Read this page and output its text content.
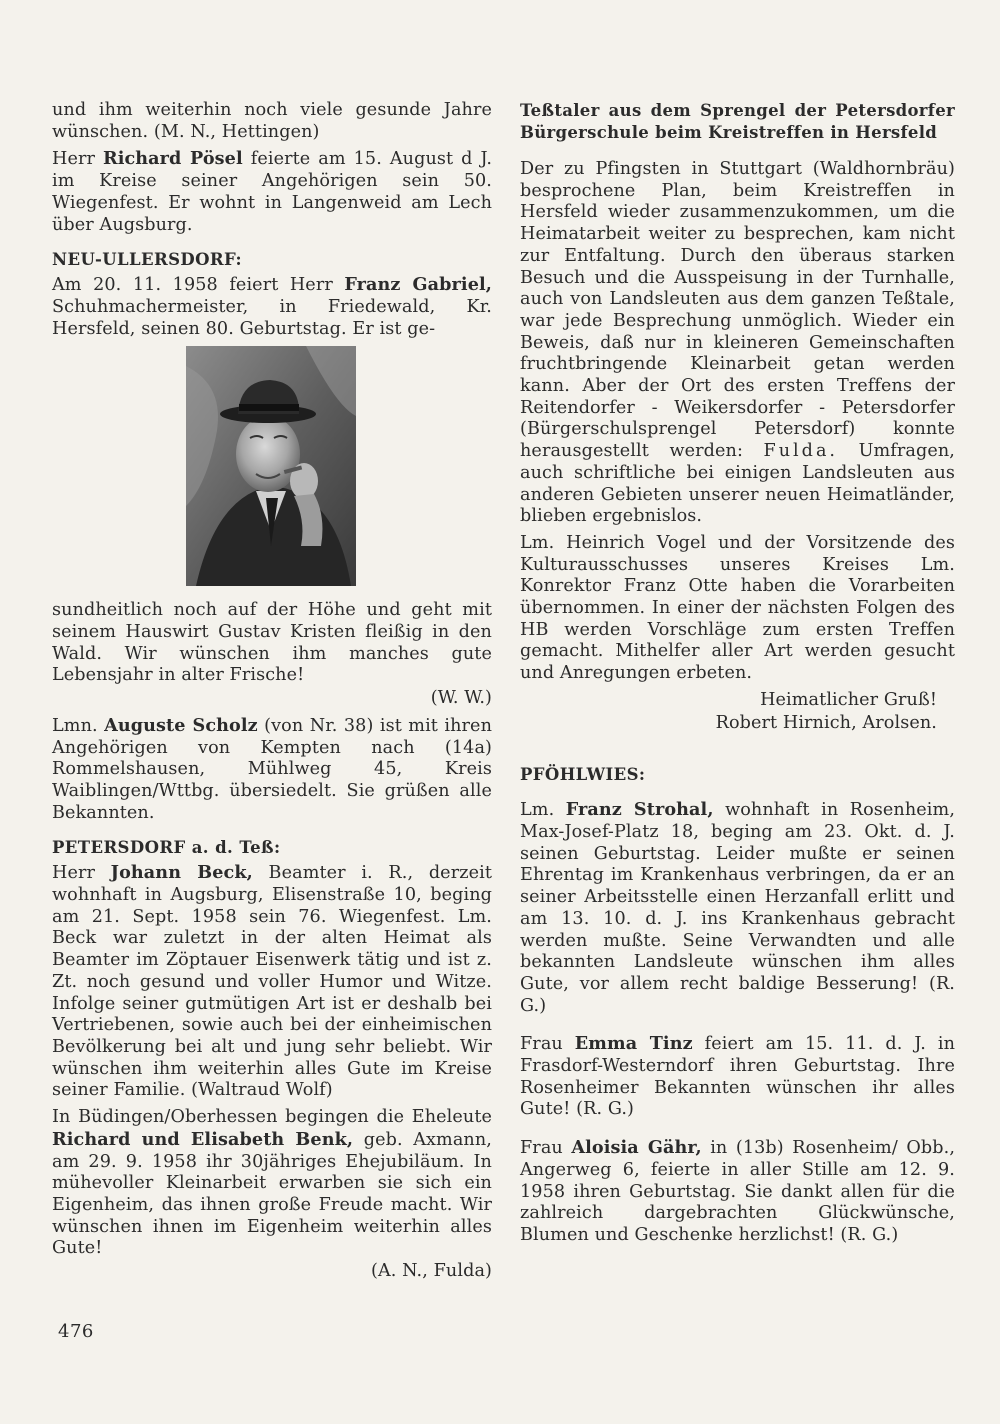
und ihm weiterhin noch viele gesunde Jahre wünschen. (M. N., Hettingen)

Herr Richard Pösel feierte am 15. August d J. im Kreise seiner Angehörigen sein 50. Wiegenfest. Er wohnt in Langenweid am Lech über Augsburg.

NEU-ULLERSDORF:

Am 20. 11. 1958 feiert Herr Franz Gabriel, Schuhmachermeister, in Friedewald, Kr. Hersfeld, seinen 80. Geburtstag. Er ist ge-

sundheitlich noch auf der Höhe und geht mit seinem Hauswirt Gustav Kristen fleißig in den Wald. Wir wünschen ihm manches gute Lebensjahr in alter Frische!

(W. W.)

Lmn. Auguste Scholz (von Nr. 38) ist mit ihren Angehörigen von Kempten nach (14a) Rommelshausen, Mühlweg 45, Kreis Waiblingen/Wttbg. übersiedelt. Sie grüßen alle Bekannten.

PETERSDORF a. d. Teß:

Herr Johann Beck, Beamter i. R., derzeit wohnhaft in Augsburg, Elisenstraße 10, beging am 21. Sept. 1958 sein 76. Wiegenfest. Lm. Beck war zuletzt in der alten Heimat als Beamter im Zöptauer Eisenwerk tätig und ist z. Zt. noch gesund und voller Humor und Witze. Infolge seiner gutmütigen Art ist er deshalb bei Vertriebenen, sowie auch bei der einheimischen Bevölkerung bei alt und jung sehr beliebt. Wir wünschen ihm weiterhin alles Gute im Kreise seiner Familie. (Waltraud Wolf)

In Büdingen/Oberhessen begingen die Eheleute Richard und Elisabeth Benk, geb. Axmann, am 29. 9. 1958 ihr 30jähriges Ehejubiläum. In mühevoller Kleinarbeit erwarben sie sich ein Eigenheim, das ihnen große Freude macht. Wir wünschen ihnen im Eigenheim weiterhin alles Gute!

(A. N., Fulda)

Teßtaler aus dem Sprengel der Petersdorfer Bürgerschule beim Kreistreffen in Hersfeld

Der zu Pfingsten in Stuttgart (Waldhornbräu) besprochene Plan, beim Kreistreffen in Hersfeld wieder zusammenzukommen, um die Heimatarbeit weiter zu besprechen, kam nicht zur Entfaltung. Durch den überaus starken Besuch und die Ausspeisung in der Turnhalle, auch von Landsleuten aus dem ganzen Teßtale, war jede Besprechung unmöglich. Wieder ein Beweis, daß nur in kleineren Gemeinschaften fruchtbringende Kleinarbeit getan werden kann. Aber der Ort des ersten Treffens der Reitendorfer - Weikersdorfer - Petersdorfer (Bürgerschulsprengel Petersdorf) konnte herausgestellt werden: Fulda. Umfragen, auch schriftliche bei einigen Landsleuten aus anderen Gebieten unserer neuen Heimatländer, blieben ergebnislos.

Lm. Heinrich Vogel und der Vorsitzende des Kulturausschusses unseres Kreises Lm. Konrektor Franz Otte haben die Vorarbeiten übernommen. In einer der nächsten Folgen des HB werden Vorschläge zum ersten Treffen gemacht. Mithelfer aller Art werden gesucht und Anregungen erbeten.

Heimatlicher Gruß!

Robert Hirnich, Arolsen.

PFÖHLWIES:

Lm. Franz Strohal, wohnhaft in Rosenheim, Max-Josef-Platz 18, beging am 23. Okt. d. J. seinen Geburtstag. Leider mußte er seinen Ehrentag im Krankenhaus verbringen, da er an seiner Arbeitsstelle einen Herzanfall erlitt und am 13. 10. d. J. ins Krankenhaus gebracht werden mußte. Seine Verwandten und alle bekannten Landsleute wünschen ihm alles Gute, vor allem recht baldige Besserung! (R. G.)

Frau Emma Tinz feiert am 15. 11. d. J. in Frasdorf-Westerndorf ihren Geburtstag. Ihre Rosenheimer Bekannten wünschen ihr alles Gute! (R. G.)

Frau Aloisia Gähr, in (13b) Rosenheim/ Obb., Angerweg 6, feierte in aller Stille am 12. 9. 1958 ihren Geburtstag. Sie dankt allen für die zahlreich dargebrachten Glückwünsche, Blumen und Geschenke herzlichst! (R. G.)

476
